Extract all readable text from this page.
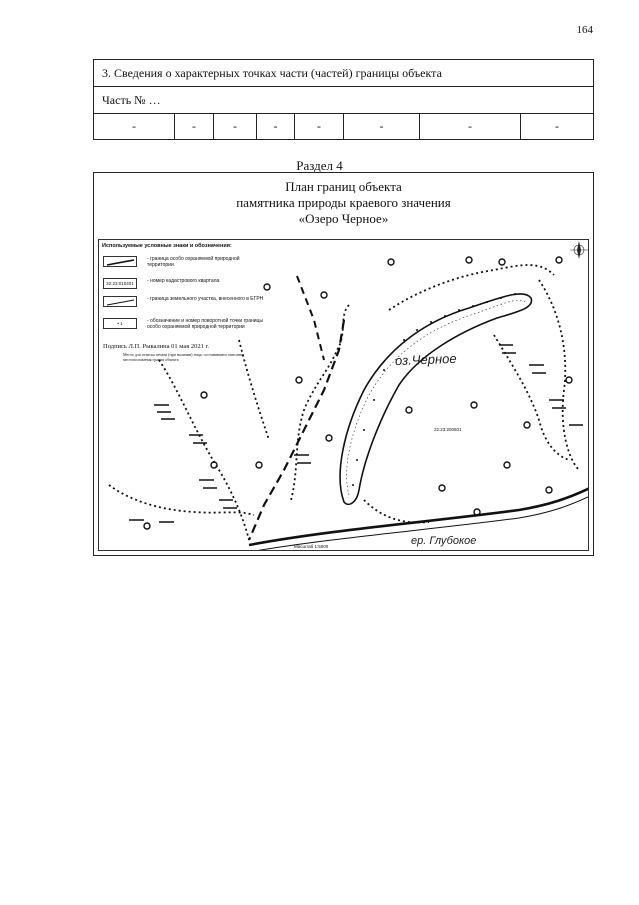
164
3. Сведения о характерных точках части (частей) границы объекта
Часть № …
-	-	-	-	-	-	-	-
Раздел 4
План границ объекта
памятника природы краевого значения
«Озеро Черное»
Используемые условные знаки и обозначения:
- граница особо охраняемой природной территории
22:23:010401	- номер кадастрового квартала
- граница земельного участка, внесенного в ЕГРН
• 1	- обозначение и номер поворотной точки границы особо охраняемой природной территории
Подпись Л.П. Рыкалина 01 мая 2021 г.
Место для оттиска печати (при наличии) лица, составившего описание местоположения границ объекта	оз.Черное
22:23:200501
ер. Глубокое
Масштаб 1:5000
